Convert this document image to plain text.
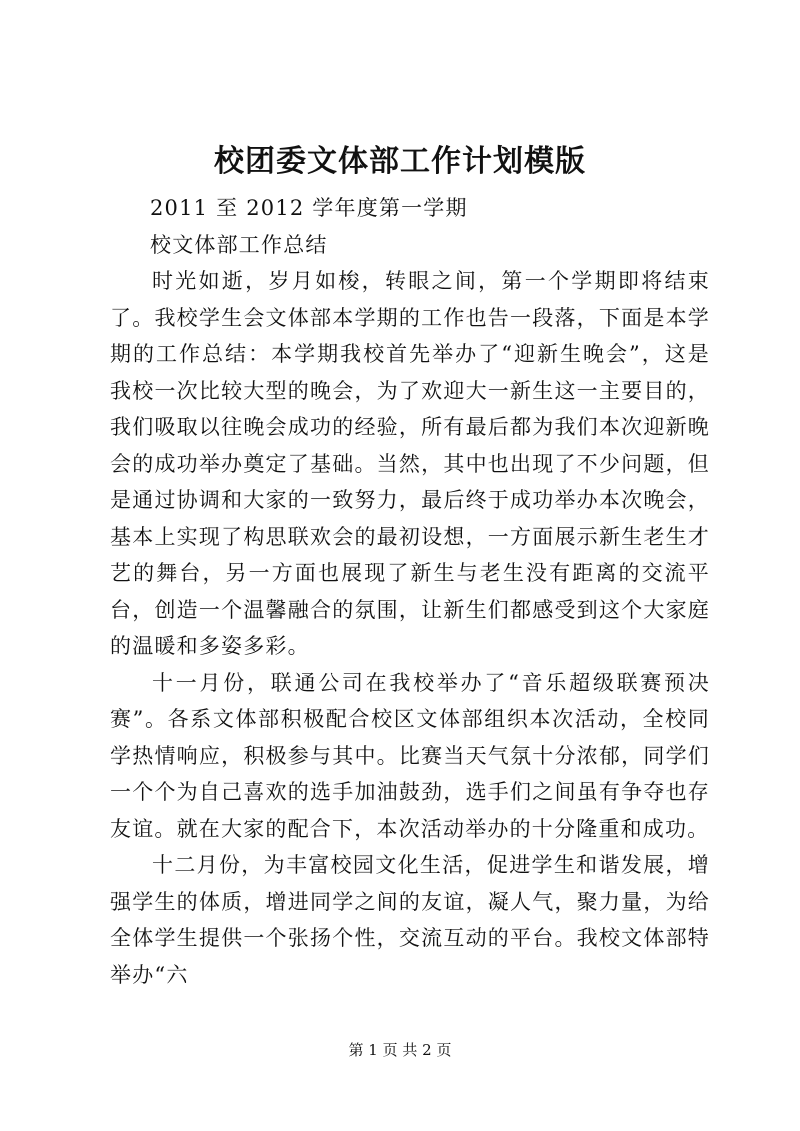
校团委文体部工作计划模版
2011 至 2012 学年度第一学期
校文体部工作总结

时光如逝，岁月如梭，转眼之间，第一个学期即将结束了。我校学生会文体部本学期的工作也告一段落，下面是本学期的工作总结：本学期我校首先举办了“迎新生晚会”，这是我校一次比较大型的晚会，为了欢迎大一新生这一主要目的，我们吸取以往晚会成功的经验，所有最后都为我们本次迎新晚会的成功举办奠定了基础。当然，其中也出现了不少问题，但是通过协调和大家的一致努力，最后终于成功举办本次晚会，基本上实现了构思联欢会的最初设想，一方面展示新生老生才艺的舞台，另一方面也展现了新生与老生没有距离的交流平台，创造一个温馨融合的氛围，让新生们都感受到这个大家庭的温暖和多姿多彩。

十一月份，联通公司在我校举办了“音乐超级联赛预决赛”。各系文体部积极配合校区文体部组织本次活动，全校同学热情响应，积极参与其中。比赛当天气氛十分浓郁，同学们一个个为自己喜欢的选手加油鼓劲，选手们之间虽有争夺也存友谊。就在大家的配合下，本次活动举办的十分隆重和成功。

十二月份，为丰富校园文化生活，促进学生和谐发展，增强学生的体质，增进同学之间的友谊，凝人气，聚力量，为给全体学生提供一个张扬个性，交流互动的平台。我校文体部特举办“六

第 1 页 共 2 页
